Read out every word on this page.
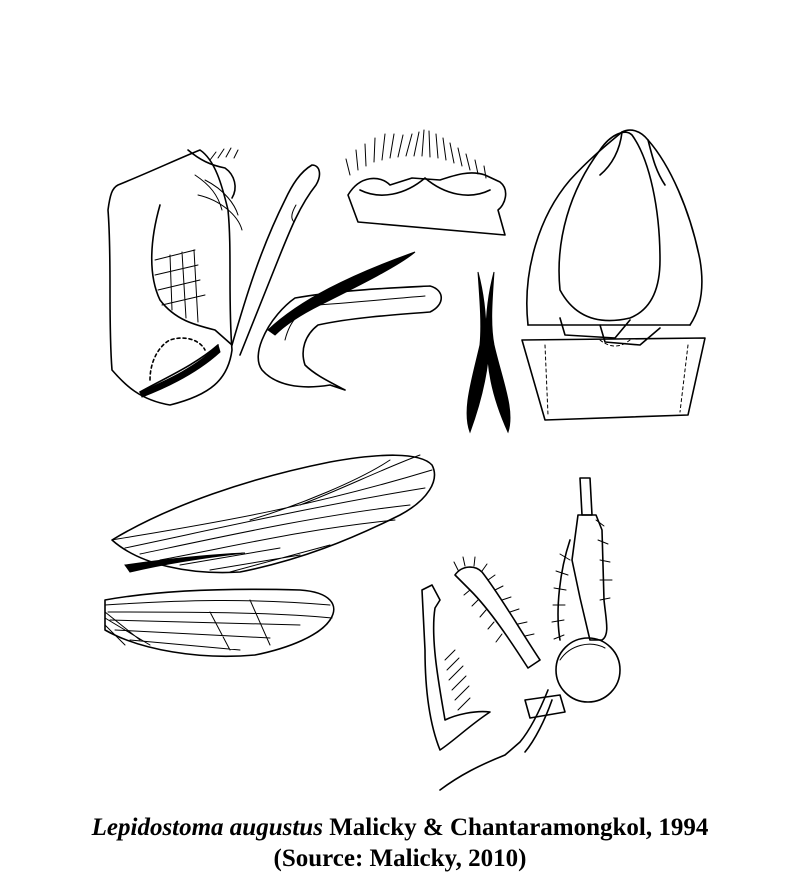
Lepidostoma augustus Malicky & Chantaramongkol, 1994
(Source: Malicky, 2010)
